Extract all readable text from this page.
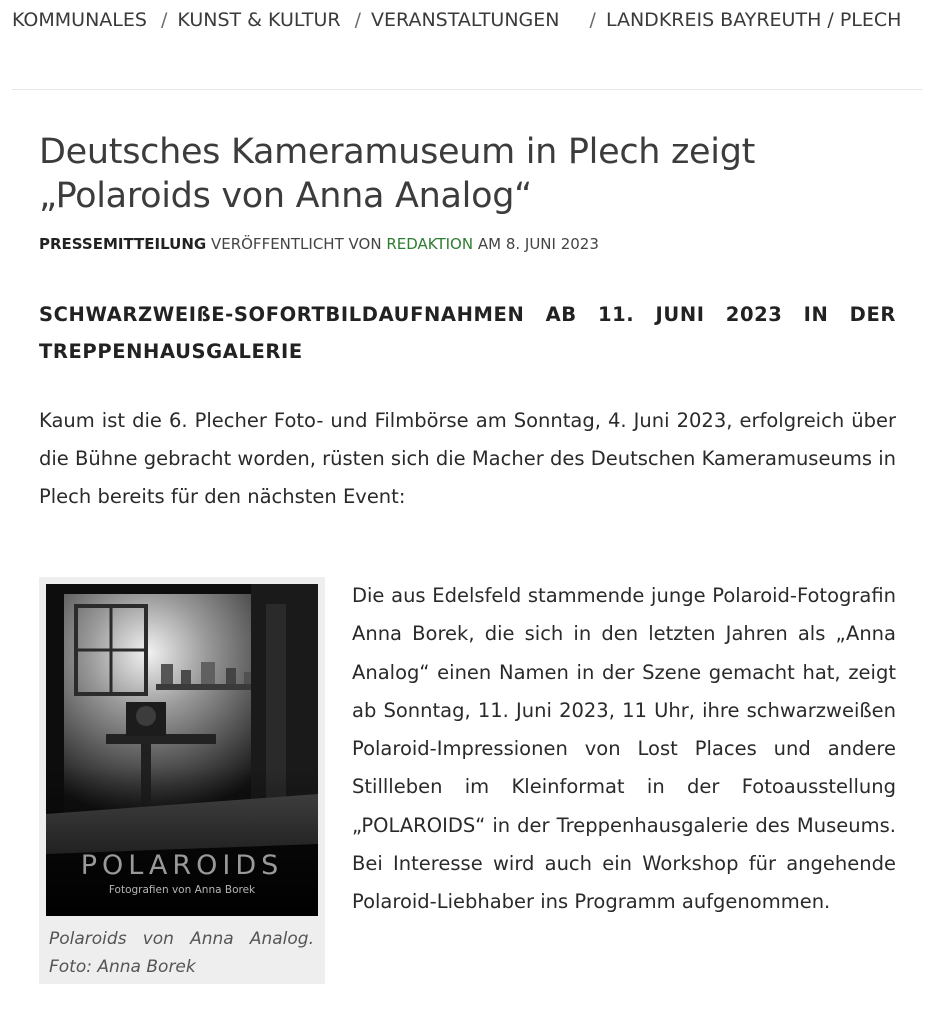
KOMMUNALES / KUNST & KULTUR / VERANSTALTUNGEN / LANDKREIS BAYREUTH / PLECH
Deutsches Kameramuseum in Plech zeigt „Polaroids von Anna Analog“
PRESSEMITTEILUNG VERÖFFENTLICHT VON REDAKTION AM 8. JUNI 2023
SCHWARZWEIßE-SOFORTBILDAUFNAHMEN AB 11. JUNI 2023 IN DER TREPPENHAUSGALERIE

Kaum ist die 6. Plecher Foto- und Filmbörse am Sonntag, 4. Juni 2023, erfolgreich über die Bühne gebracht worden, rüsten sich die Macher des Deutschen Kameramuseums in Plech bereits für den nächsten Event:

POLAROIDS
Fotografien von Anna Borek
Polaroids von Anna Analog. Foto: Anna Borek
Die aus Edelsfeld stammende junge Polaroid-Fotografin Anna Borek, die sich in den letzten Jahren als „Anna Analog“ einen Namen in der Szene gemacht hat, zeigt ab Sonntag, 11. Juni 2023, 11 Uhr, ihre schwarzweißen Polaroid-Impressionen von Lost Places und andere Stillleben im Kleinformat in der Fotoausstellung „POLAROIDS“ in der Treppenhausgalerie des Museums. Bei Interesse wird auch ein Workshop für angehende Polaroid-Liebhaber ins Programm aufgenommen.
